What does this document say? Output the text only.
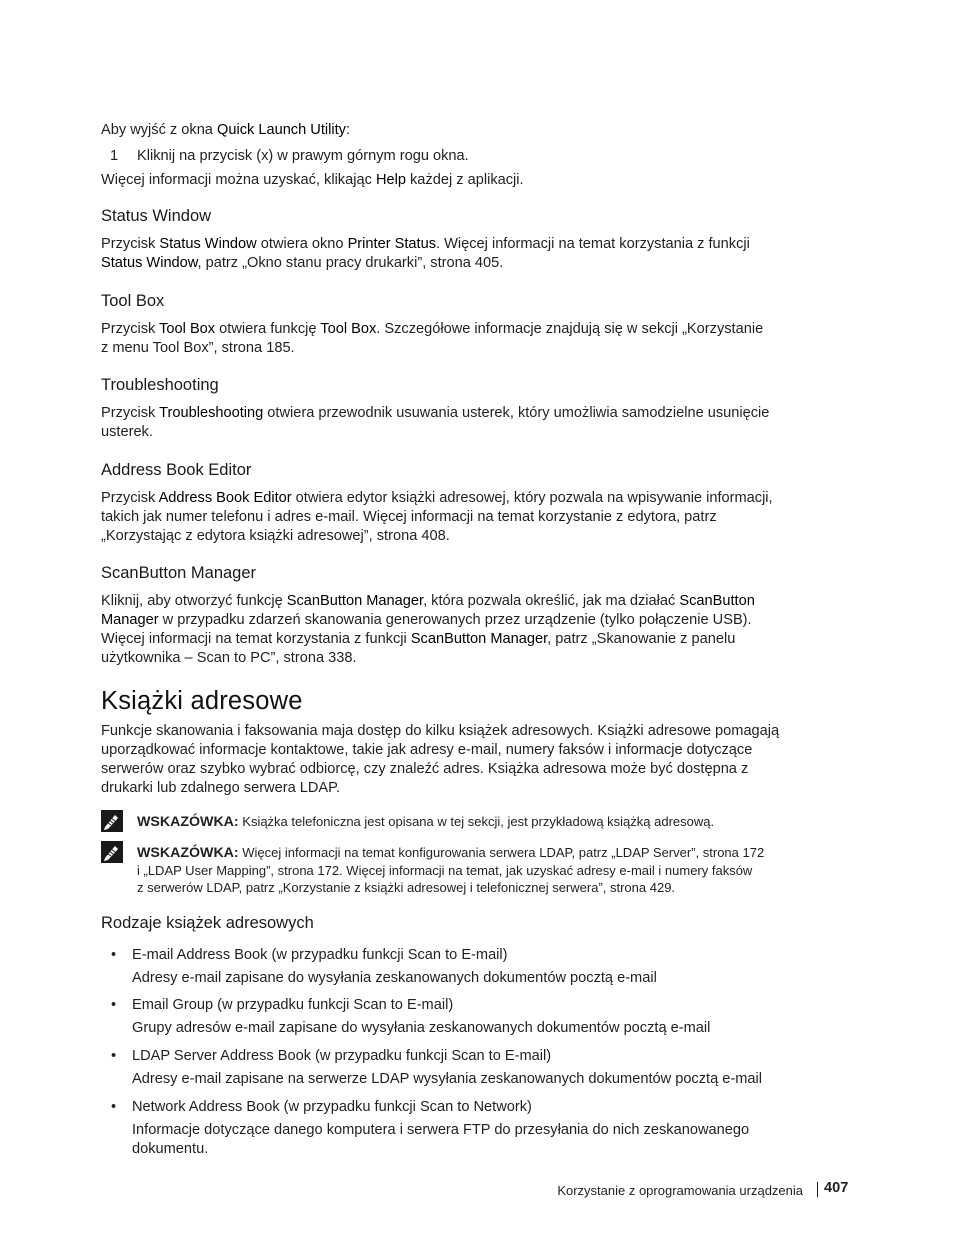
Aby wyjść z okna Quick Launch Utility:

1 Kliknij na przycisk (x) w prawym górnym rogu okna.

Więcej informacji można uzyskać, klikając Help każdej z aplikacji.

Status Window

Przycisk Status Window otwiera okno Printer Status. Więcej informacji na temat korzystania z funkcji
Status Window, patrz „Okno stanu pracy drukarki”, strona 405.

Tool Box

Przycisk Tool Box otwiera funkcję Tool Box. Szczegółowe informacje znajdują się w sekcji „Korzystanie
z menu Tool Box”, strona 185.

Troubleshooting

Przycisk Troubleshooting otwiera przewodnik usuwania usterek, który umożliwia samodzielne usunięcie
usterek.

Address Book Editor

Przycisk Address Book Editor otwiera edytor książki adresowej, który pozwala na wpisywanie informacji,
takich jak numer telefonu i adres e-mail. Więcej informacji na temat korzystanie z edytora, patrz
„Korzystając z edytora książki adresowej”, strona 408.

ScanButton Manager

Kliknij, aby otworzyć funkcję ScanButton Manager, która pozwala określić, jak ma działać ScanButton
Manager w przypadku zdarzeń skanowania generowanych przez urządzenie (tylko połączenie USB).
Więcej informacji na temat korzystania z funkcji ScanButton Manager, patrz „Skanowanie z panelu
użytkownika – Scan to PC”, strona 338.

Książki adresowe

Funkcje skanowania i faksowania maja dostęp do kilku książek adresowych. Książki adresowe pomagają
uporządkować informacje kontaktowe, takie jak adresy e-mail, numery faksów i informacje dotyczące
serwerów oraz szybko wybrać odbiorcę, czy znaleźć adres. Książka adresowa może być dostępna z
drukarki lub zdalnego serwera LDAP.

WSKAZÓWKA: Książka telefoniczna jest opisana w tej sekcji, jest przykładową książką adresową.
WSKAZÓWKA: Więcej informacji na temat konfigurowania serwera LDAP, patrz „LDAP Server”, strona 172
i „LDAP User Mapping”, strona 172. Więcej informacji na temat, jak uzyskać adresy e-mail i numery faksów
z serwerów LDAP, patrz „Korzystanie z książki adresowej i telefonicznej serwera”, strona 429.

Rodzaje książek adresowych

• E-mail Address Book (w przypadku funkcji Scan to E-mail)

Adresy e-mail zapisane do wysyłania zeskanowanych dokumentów pocztą e-mail

• Email Group (w przypadku funkcji Scan to E-mail)

Grupy adresów e-mail zapisane do wysyłania zeskanowanych dokumentów pocztą e-mail

• LDAP Server Address Book (w przypadku funkcji Scan to E-mail)

Adresy e-mail zapisane na serwerze LDAP wysyłania zeskanowanych dokumentów pocztą e-mail

• Network Address Book (w przypadku funkcji Scan to Network)

Informacje dotyczące danego komputera i serwera FTP do przesyłania do nich zeskanowanego
dokumentu.

Korzystanie z oprogramowania urządzenia 407
